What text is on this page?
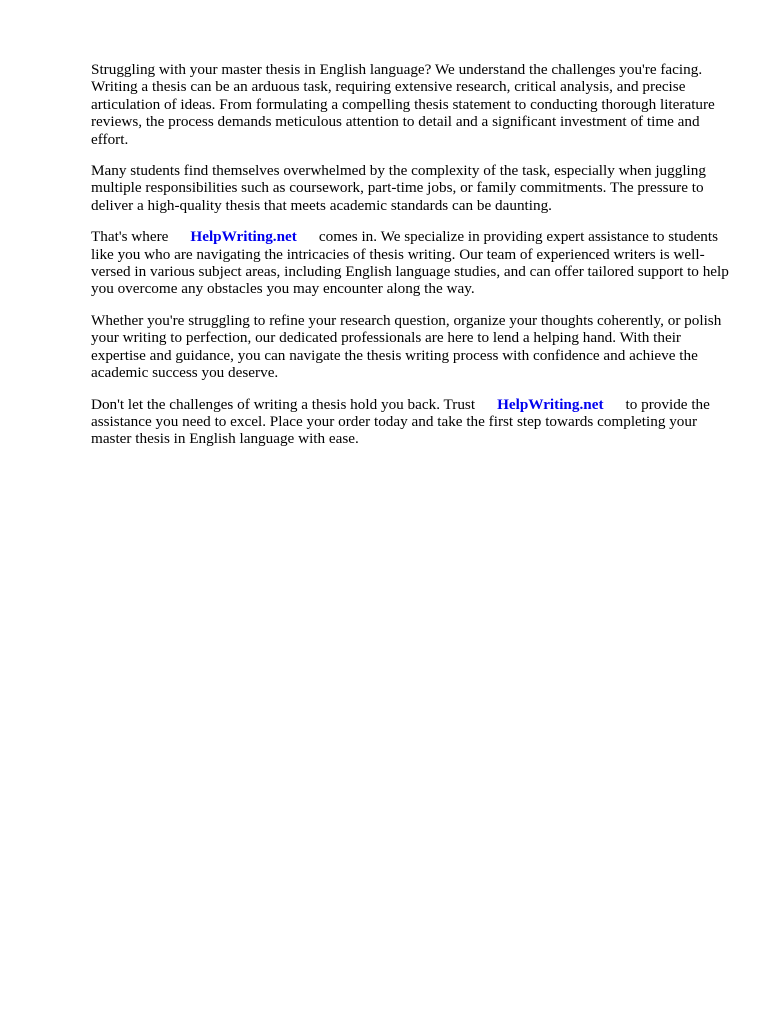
Struggling with your master thesis in English language? We understand the challenges you're facing. Writing a thesis can be an arduous task, requiring extensive research, critical analysis, and precise articulation of ideas. From formulating a compelling thesis statement to conducting thorough literature reviews, the process demands meticulous attention to detail and a significant investment of time and effort.

Many students find themselves overwhelmed by the complexity of the task, especially when juggling multiple responsibilities such as coursework, part-time jobs, or family commitments. The pressure to deliver a high-quality thesis that meets academic standards can be daunting.

That's where HelpWriting.net comes in. We specialize in providing expert assistance to students like you who are navigating the intricacies of thesis writing. Our team of experienced writers is well-versed in various subject areas, including English language studies, and can offer tailored support to help you overcome any obstacles you may encounter along the way.

Whether you're struggling to refine your research question, organize your thoughts coherently, or polish your writing to perfection, our dedicated professionals are here to lend a helping hand. With their expertise and guidance, you can navigate the thesis writing process with confidence and achieve the academic success you deserve.

Don't let the challenges of writing a thesis hold you back. Trust HelpWriting.net to provide the assistance you need to excel. Place your order today and take the first step towards completing your master thesis in English language with ease.
